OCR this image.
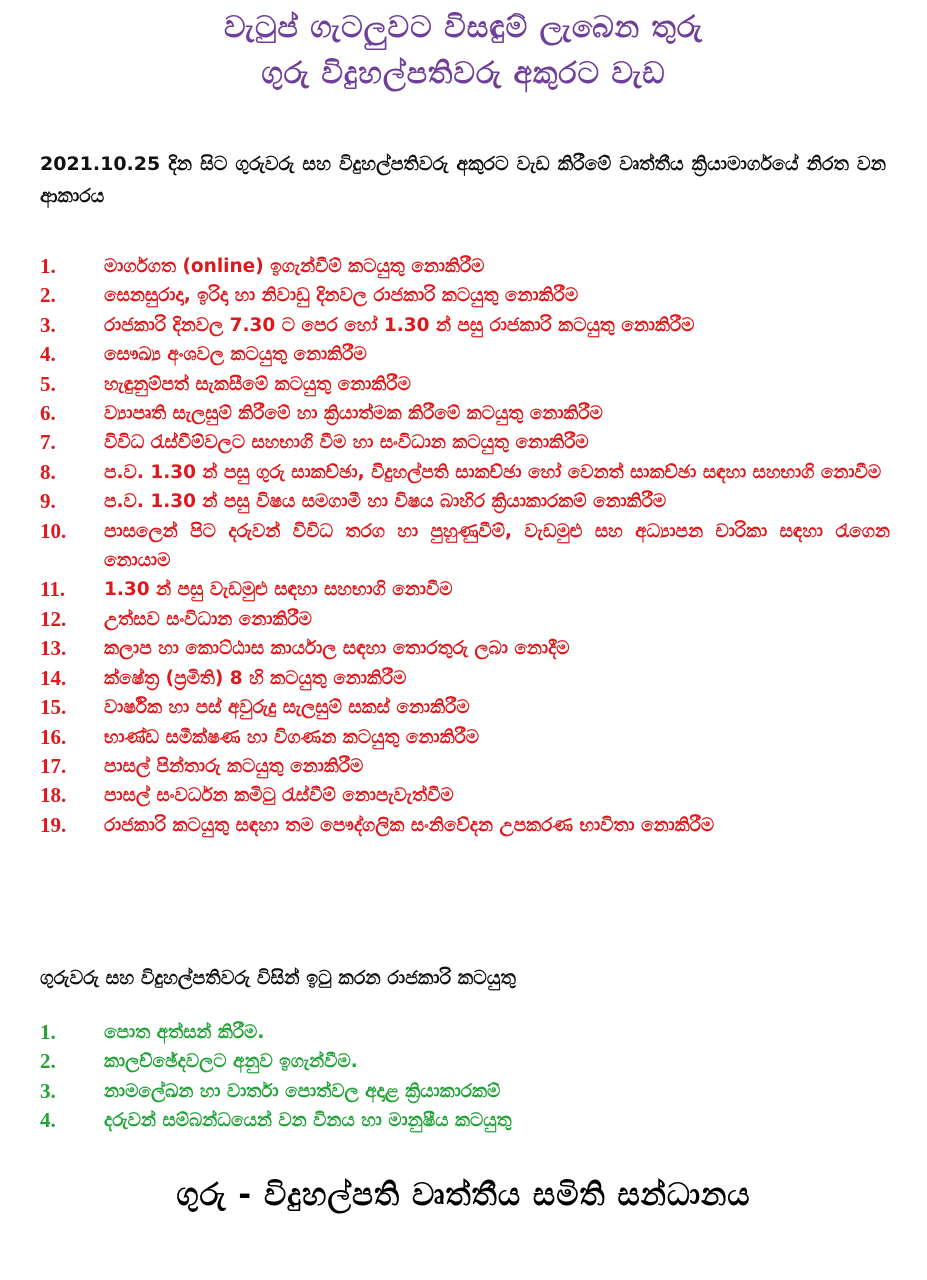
වැටුප් ගැටලුවට විසඳුම් ලැබෙන තුරු
ගුරු විදුහල්පතිවරු අකුරට වැඩ
2021.10.25 දින සිට ගුරුවරු සහ විදුහල්පතිවරු අකුරට වැඩ කිරීමේ වෘත්තීය ක්‍රියාමාර්ගයේ නිරත වන ආකාරය
1.	මාර්ගගත (online) ඉගැන්වීම් කටයුතු නොකිරීම
2.	සෙනසුරාදා, ඉරිදා හා නිවාඩු දිනවල රාජකාරි කටයුතු නොකිරීම
3.	රාජකාරි දිනවල 7.30 ට පෙර හෝ 1.30 න් පසු රාජකාරි කටයුතු නොකිරීම
4.	සෞඛ්‍ය අංශවල කටයුතු නොකිරීම
5.	හැඳුනුම්පත් සැකසීමේ කටයුතු නොකිරීම
6.	ව්‍යාපෘති සැලසුම් කිරීමේ හා ක්‍රියාත්මක කිරීමේ කටයුතු නොකිරීම
7.	විවිධ රැස්වීම්වලට සහභාගි වීම හා සංවිධාන කටයුතු නොකිරීම
8.	ප.ව. 1.30 න් පසු ගුරු සාකච්ඡා, විදුහල්පති සාකච්ඡා හෝ වෙනත් සාකච්ඡා සඳහා සහභාගි නොවීම
9.	ප.ව. 1.30 න් පසු විෂය සමගාමී හා විෂය බාහිර ක්‍රියාකාරකම් නොකිරීම
10.	පාසලෙන් පිට දරුවන් විවිධ තරග හා පුහුණුවීම්, වැඩමුළු සහ අධ්‍යාපන චාරිකා සඳහා රැගෙන නොයාම
11.	1.30 න් පසු වැඩමුළු සඳහා සහභාගි නොවීම
12.	උත්සව සංවිධාන නොකිරීම
13.	කලාප හා කොට්ඨාස කාර්යාල සඳහා තොරතුරු ලබා නොදීම
14.	ක්ෂේත්‍ර (ප්‍රමිති) 8 හි කටයුතු නොකිරීම
15.	වාර්ෂික හා පස් අවුරුදු සැලසුම් සකස් නොකිරීම
16.	භාණ්ඩ සමීක්ෂණ හා විගණන කටයුතු නොකිරීම
17.	පාසල් පින්තාරු කටයුතු නොකිරීම
18.	පාසල් සංවර්ධන කමිටු රැස්වීම් නොපැවැත්වීම
19.	රාජකාරි කටයුතු සඳහා තම පෞද්ගලික සංනිවේදන උපකරණ භාවිතා නොකිරීම
ගුරුවරු සහ විදුහල්පතිවරු විසින් ඉටු කරන රාජකාරි කටයුතු
1.	පොත අත්සන් කිරීම.
2.	කාලච්ඡේදවලට අනුව ඉගැන්වීම.
3.	නාමලේඛන හා වාර්තා පොත්වල අදාළ ක්‍රියාකාරකම්
4.	දරුවන් සම්බන්ධයෙන් වන විනය හා මානුෂීය කටයුතු
ගුරු - විදුහල්පති වෘත්තීය සමිති සන්ධානය
